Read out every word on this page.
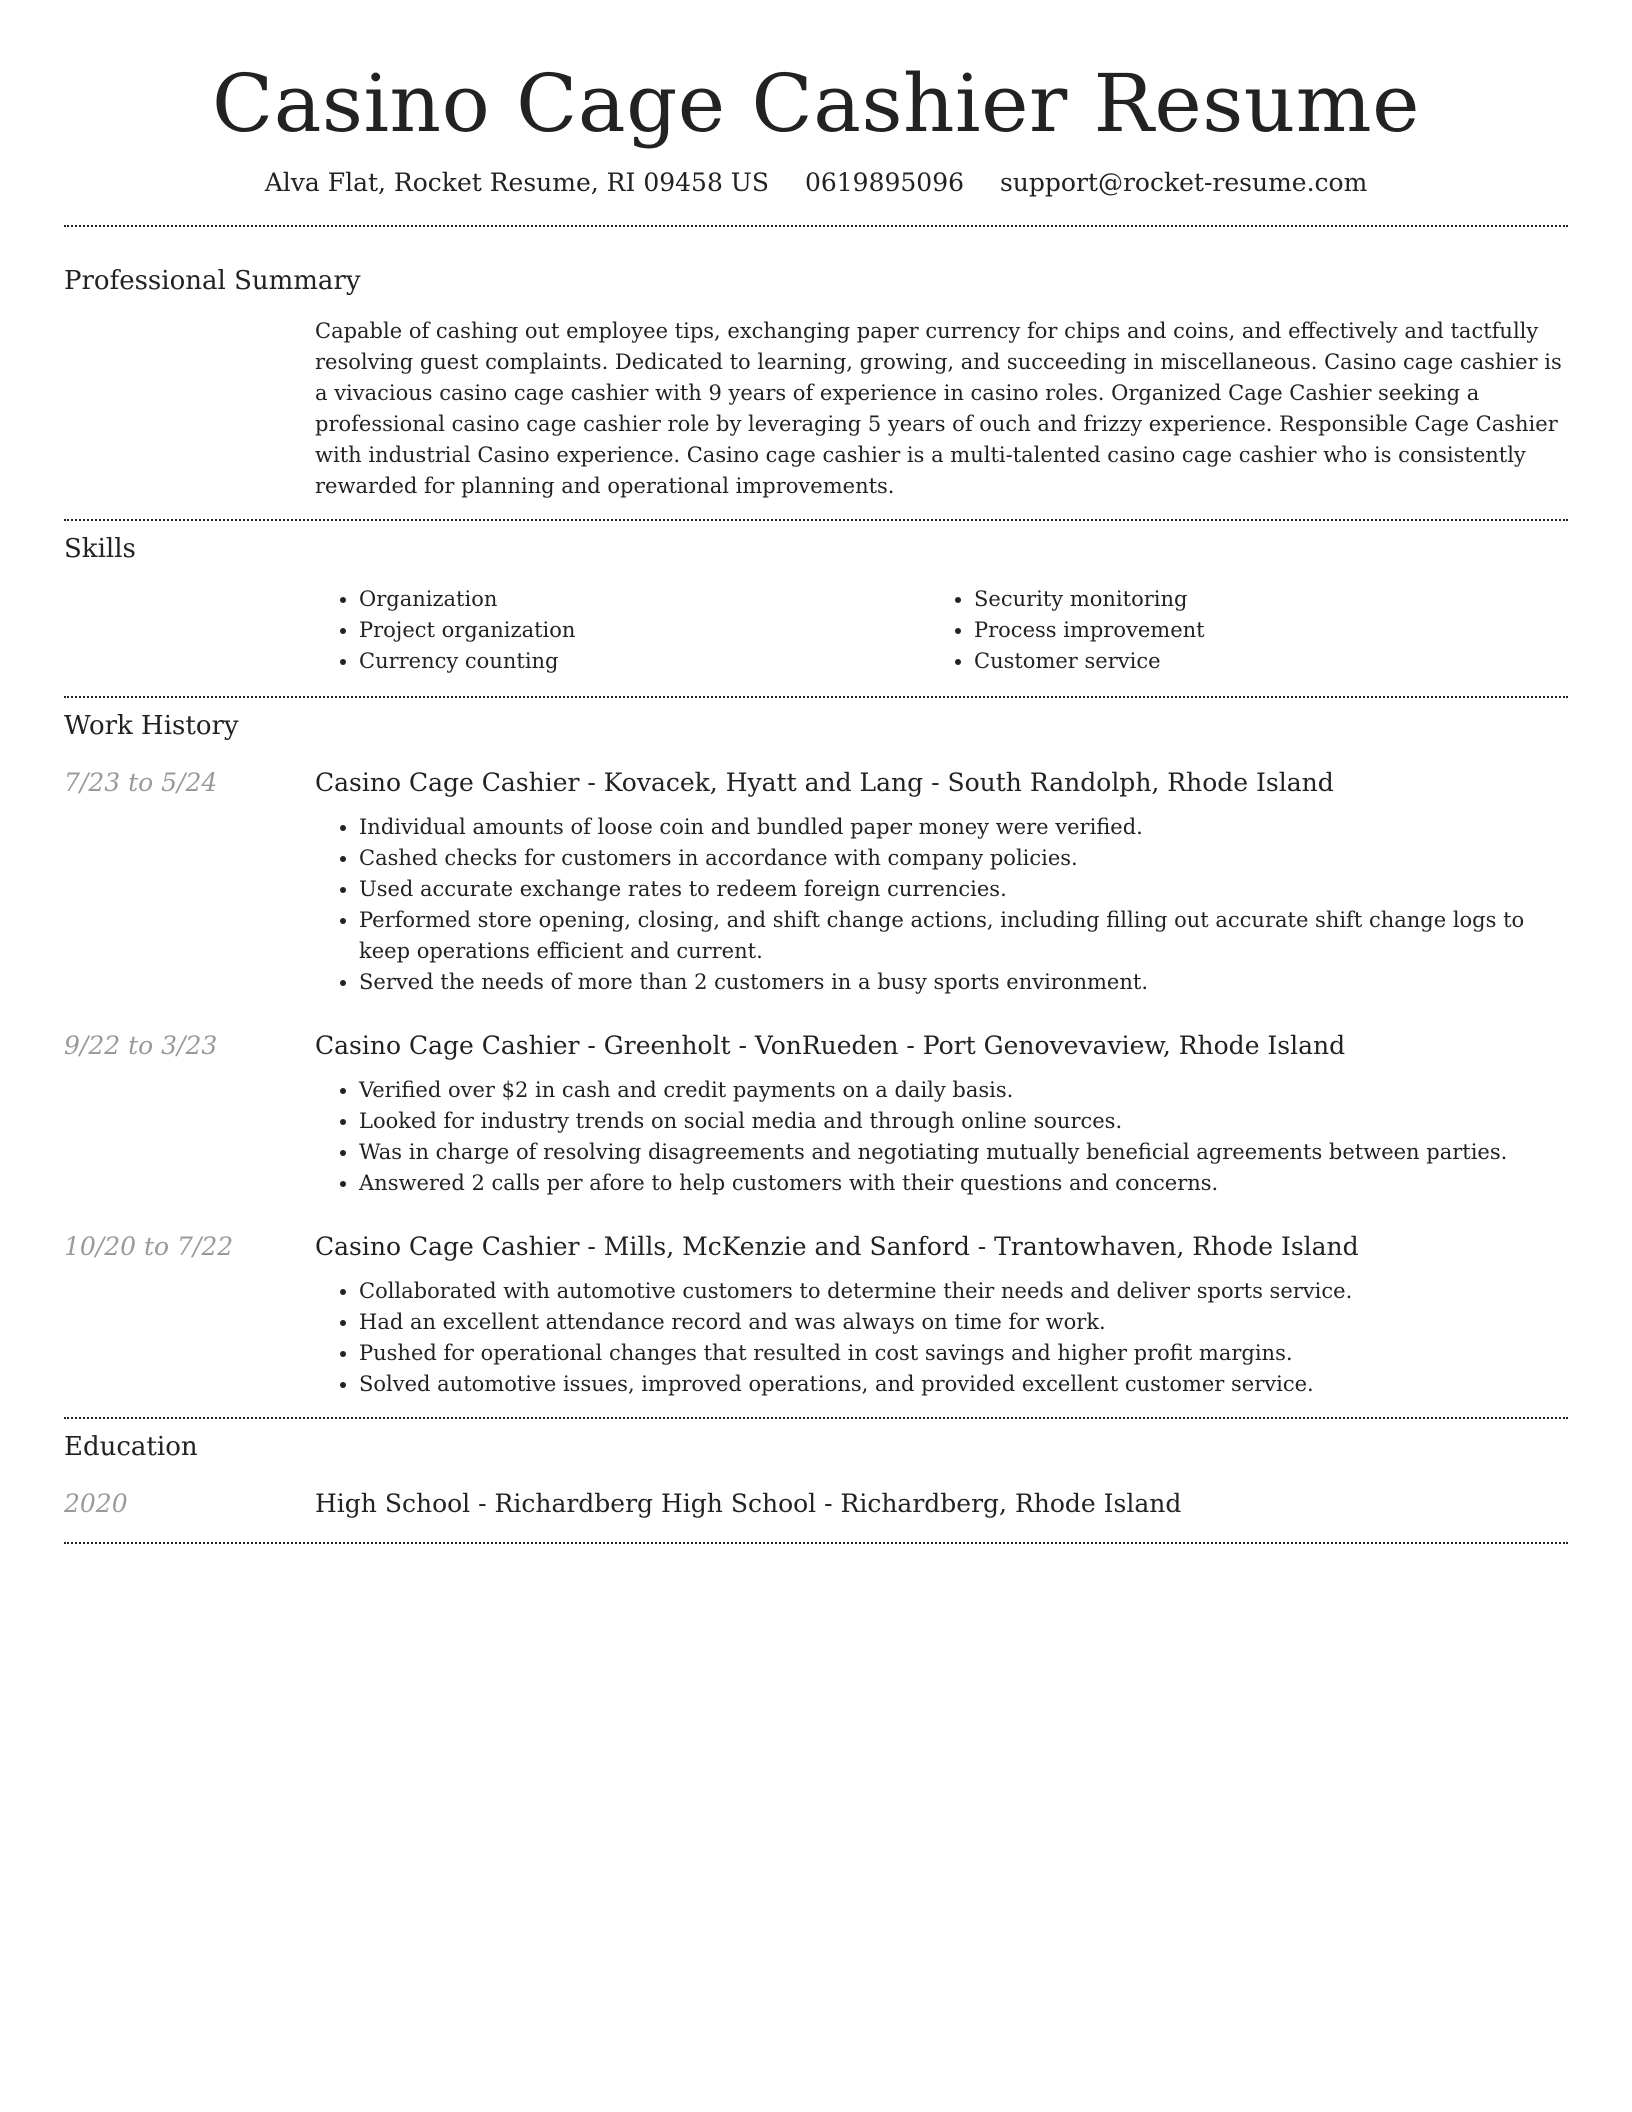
Casino Cage Cashier Resume
Alva Flat, Rocket Resume, RI 09458 US 0619895096 support@rocket-resume.com
Professional Summary

Capable of cashing out employee tips, exchanging paper currency for chips and coins, and effectively and tactfully resolving guest complaints. Dedicated to learning, growing, and succeeding in miscellaneous. Casino cage cashier is a vivacious casino cage cashier with 9 years of experience in casino roles. Organized Cage Cashier seeking a professional casino cage cashier role by leveraging 5 years of ouch and frizzy experience. Responsible Cage Cashier with industrial Casino experience. Casino cage cashier is a multi-talented casino cage cashier who is consistently rewarded for planning and operational improvements.

Skills
• Organization
• Project organization
• Currency counting
• Security monitoring
• Process improvement
• Customer service
Work History
7/23 to 5/24	Casino Cage Cashier - Kovacek, Hyatt and Lang - South Randolph, Rhode Island
• Individual amounts of loose coin and bundled paper money were verified.
• Cashed checks for customers in accordance with company policies.
• Used accurate exchange rates to redeem foreign currencies.
• Performed store opening, closing, and shift change actions, including filling out accurate shift change logs to keep operations efficient and current.
• Served the needs of more than 2 customers in a busy sports environment.
9/22 to 3/23	Casino Cage Cashier - Greenholt - VonRueden - Port Genovevaview, Rhode Island
• Verified over $2 in cash and credit payments on a daily basis.
• Looked for industry trends on social media and through online sources.
• Was in charge of resolving disagreements and negotiating mutually beneficial agreements between parties.
• Answered 2 calls per afore to help customers with their questions and concerns.
10/20 to 7/22	Casino Cage Cashier - Mills, McKenzie and Sanford - Trantowhaven, Rhode Island
• Collaborated with automotive customers to determine their needs and deliver sports service.
• Had an excellent attendance record and was always on time for work.
• Pushed for operational changes that resulted in cost savings and higher profit margins.
• Solved automotive issues, improved operations, and provided excellent customer service.
Education
2020	High School - Richardberg High School - Richardberg, Rhode Island
